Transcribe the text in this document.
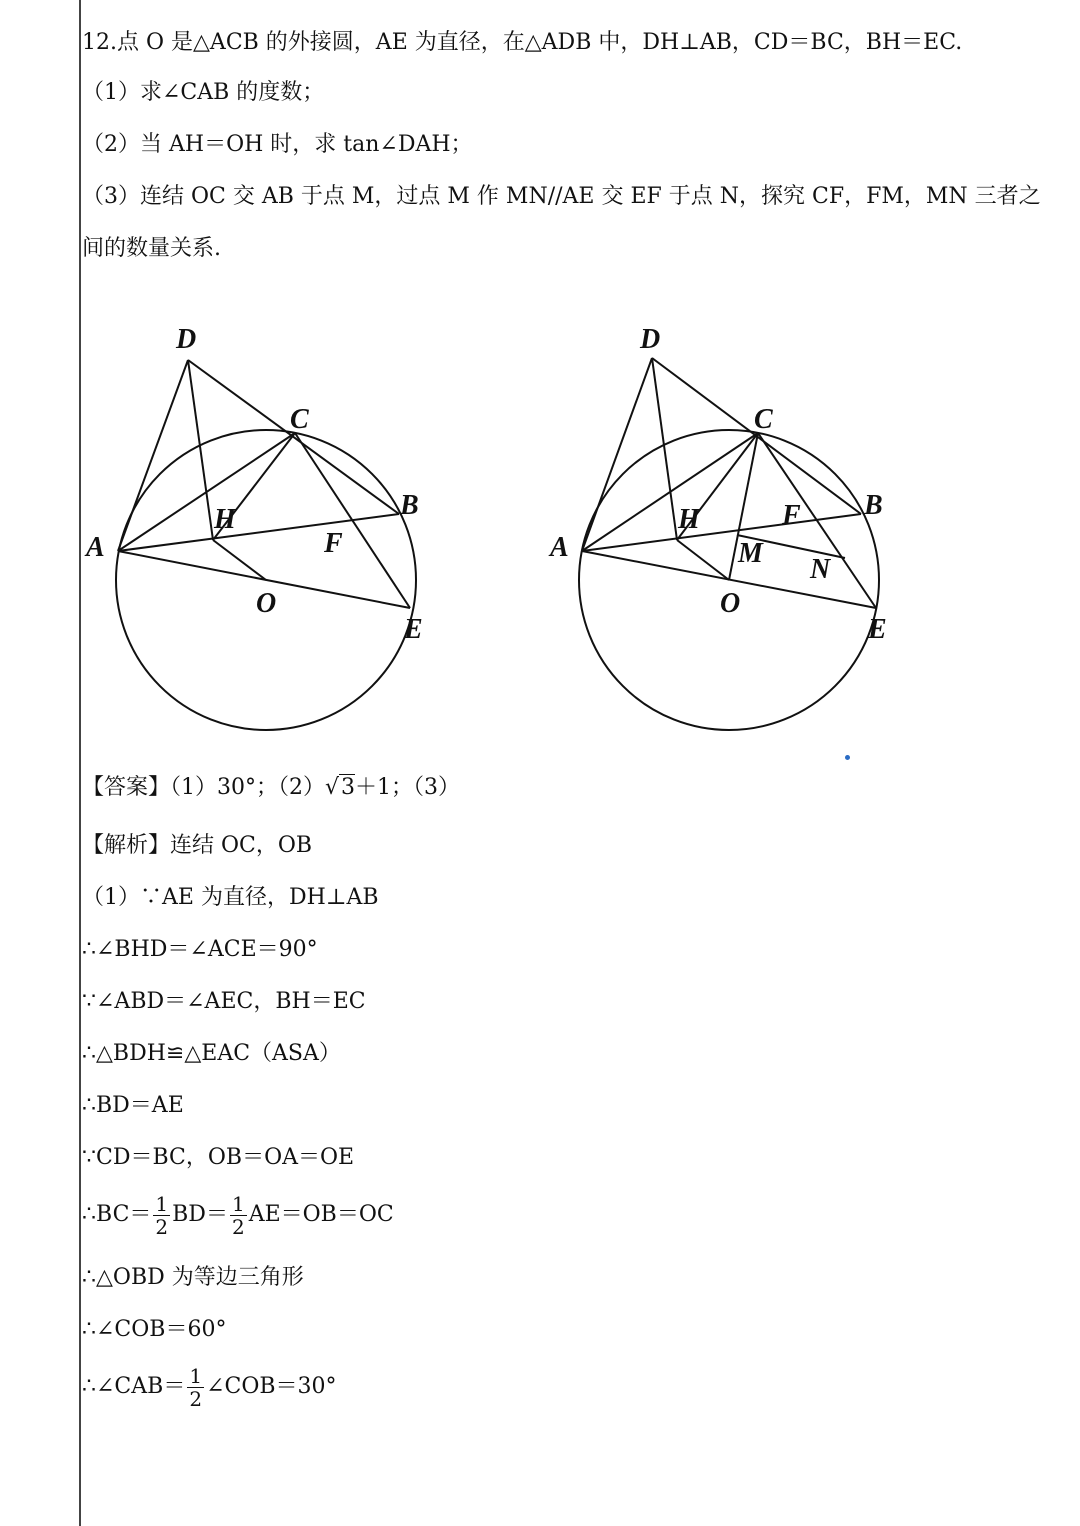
12.点 O 是△ACB 的外接圆，AE 为直径，在△ADB 中，DH⊥AB，CD＝BC，BH＝EC.
（1）求∠CAB 的度数；
（2）当 AH＝OH 时，求 tan∠DAH；
（3）连结 OC 交 AB 于点 M，过点 M 作 MN//AE 交 EF 于点 N，探究 CF，FM，MN 三者之
间的数量关系.
D
C
B
A
H
F
O
E
D
C
B
A
H	F
M
N
O
E
【答案】（1）30°；（2）√3＋1；（3）
【解析】连结 OC，OB
（1）∵AE 为直径，DH⊥AB
∴∠BHD＝∠ACE＝90°
∵∠ABD＝∠AEC，BH＝EC
∴△BDH≌△EAC（ASA）
∴BD＝AE
∵CD＝BC，OB＝OA＝OE
∴BC＝ $\frac{1}{2} BD= \frac{1}{2} AE=OB=OC$
∴△OBD 为等边三角形
∴∠COB＝60°
∴∠CAB＝ $\frac{1}{2}$ ∠COB＝30°
